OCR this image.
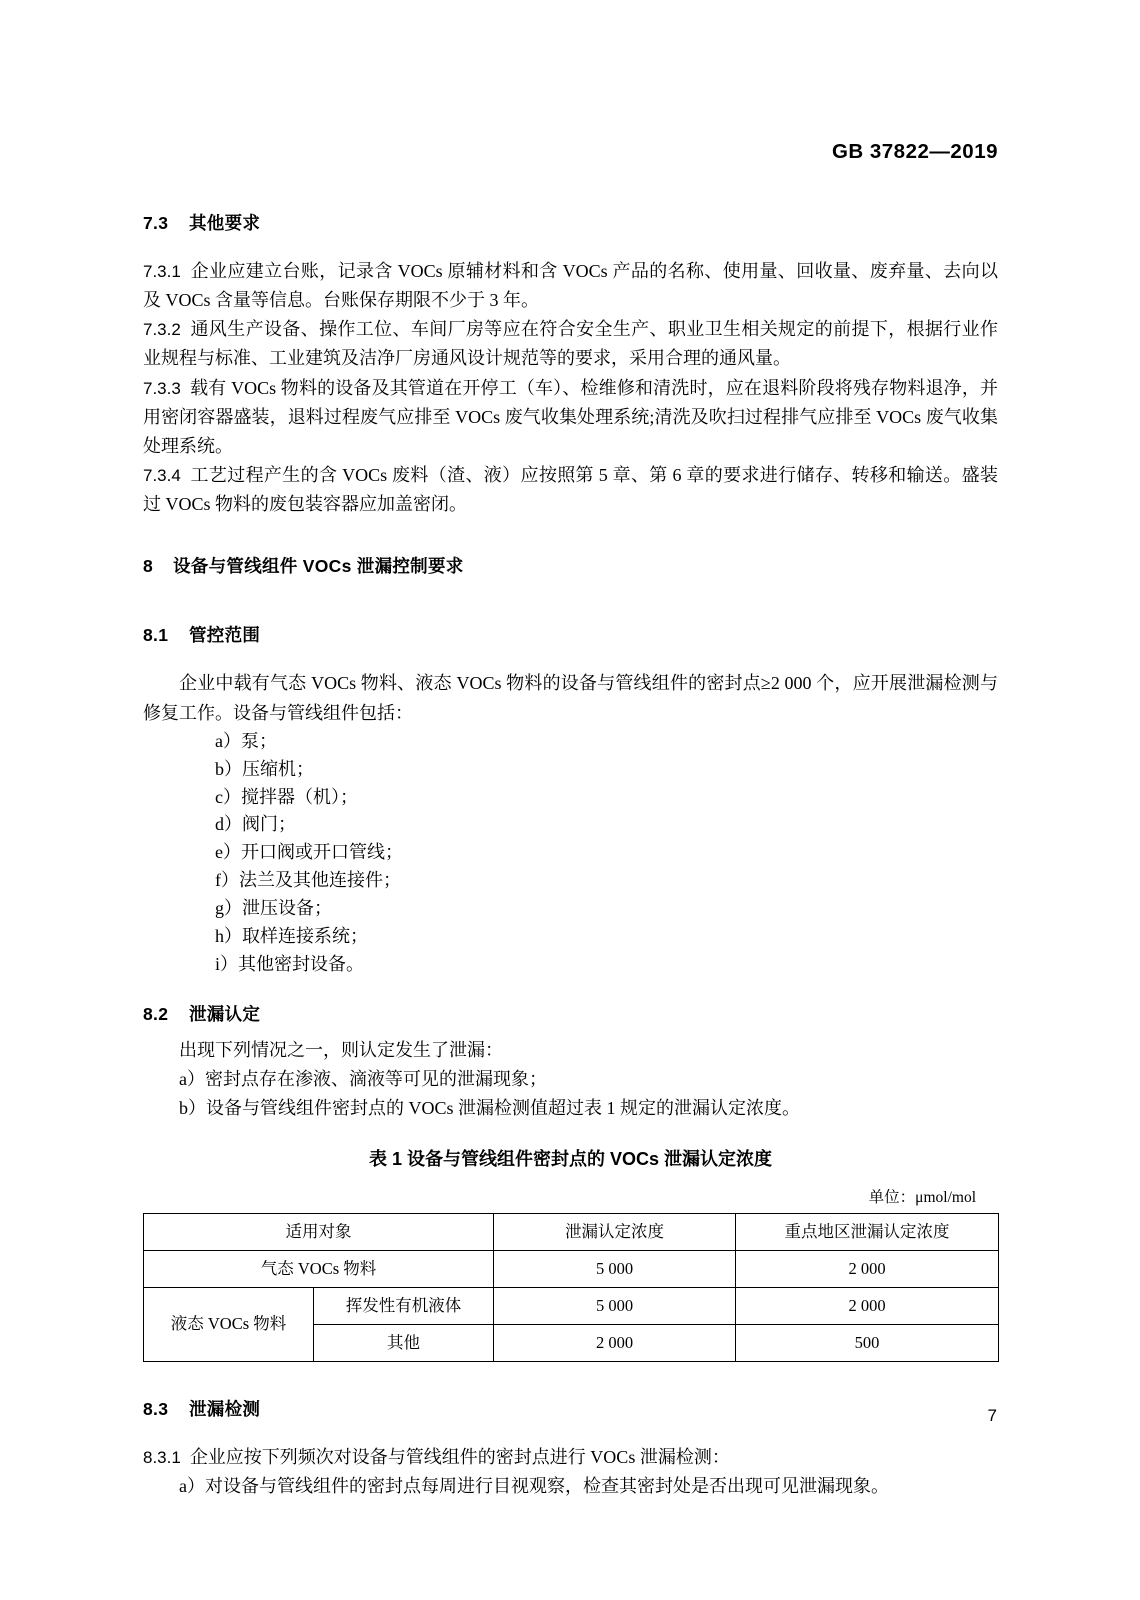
GB 37822—2019
7.3 其他要求

7.3.1 企业应建立台账，记录含 VOCs 原辅材料和含 VOCs 产品的名称、使用量、回收量、废弃量、去向以及 VOCs 含量等信息。台账保存期限不少于 3 年。

7.3.2 通风生产设备、操作工位、车间厂房等应在符合安全生产、职业卫生相关规定的前提下，根据行业作业规程与标准、工业建筑及洁净厂房通风设计规范等的要求，采用合理的通风量。

7.3.3 载有 VOCs 物料的设备及其管道在开停工（车）、检维修和清洗时，应在退料阶段将残存物料退净，并用密闭容器盛装，退料过程废气应排至 VOCs 废气收集处理系统;清洗及吹扫过程排气应排至 VOCs 废气收集处理系统。

7.3.4 工艺过程产生的含 VOCs 废料（渣、液）应按照第 5 章、第 6 章的要求进行储存、转移和输送。盛装过 VOCs 物料的废包装容器应加盖密闭。

8 设备与管线组件 VOCs 泄漏控制要求
8.1 管控范围

企业中载有气态 VOCs 物料、液态 VOCs 物料的设备与管线组件的密封点≥2 000 个，应开展泄漏检测与修复工作。设备与管线组件包括：

a）泵；

b）压缩机；

c）搅拌器（机）；

d）阀门；

e）开口阀或开口管线；

f）法兰及其他连接件；

g）泄压设备；

h）取样连接系统；

i）其他密封设备。

8.2 泄漏认定

出现下列情况之一，则认定发生了泄漏：

a）密封点存在渗液、滴液等可见的泄漏现象；

b）设备与管线组件密封点的 VOCs 泄漏检测值超过表 1 规定的泄漏认定浓度。

表 1 设备与管线组件密封点的 VOCs 泄漏认定浓度

单位：μmol/mol

适用对象		泄漏认定浓度	重点地区泄漏认定浓度
气态 VOCs 物料		5 000	2 000
液态 VOCs 物料	挥发性有机液体	5 000	2 000
	其他	2 000	500
8.3 泄漏检测

8.3.1 企业应按下列频次对设备与管线组件的密封点进行 VOCs 泄漏检测：

a）对设备与管线组件的密封点每周进行目视观察，检查其密封处是否出现可见泄漏现象。

7
